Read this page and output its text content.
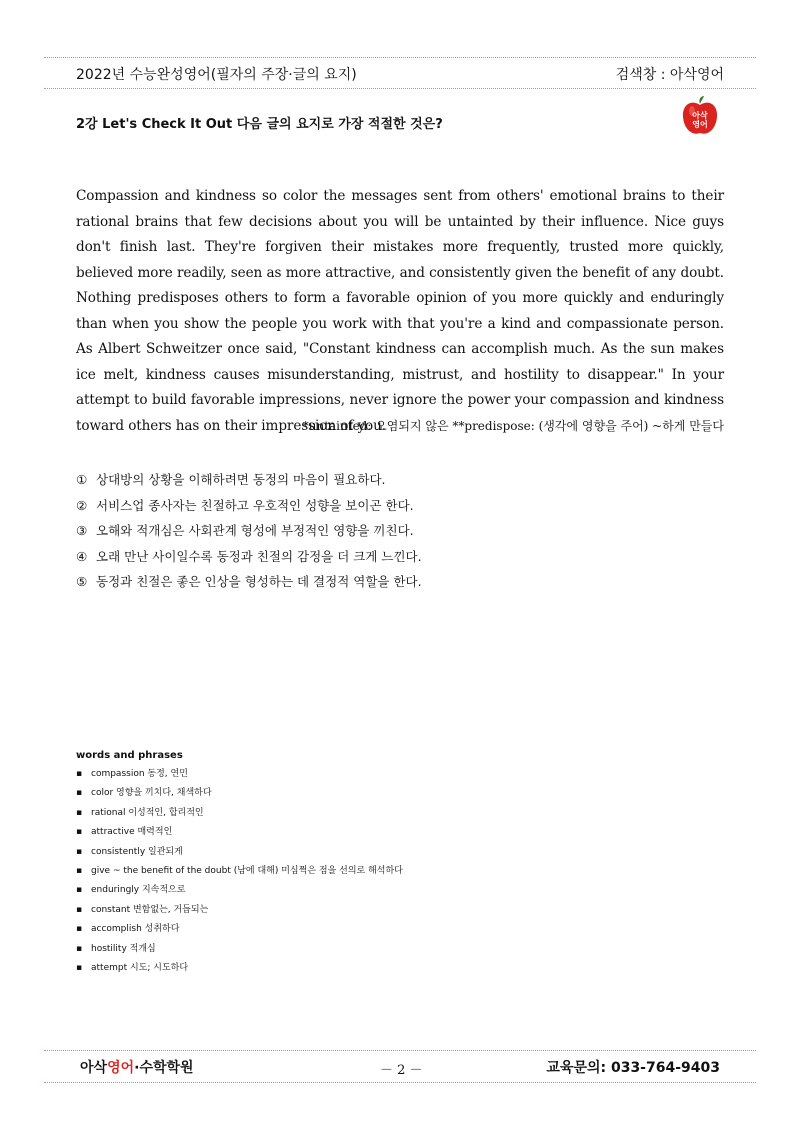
2022년 수능완성영어(필자의 주장·글의 요지)	검색창 : 아삭영어
2강 Let's Check It Out 다음 글의 요지로 가장 적절한 것은?
아삭
영어
Compassion and kindness so color the messages sent from others' emotional brains to their rational brains that few decisions about you will be untainted by their influence. Nice guys don't finish last. They're forgiven their mistakes more frequently, trusted more quickly, believed more readily, seen as more attractive, and consistently given the benefit of any doubt. Nothing predisposes others to form a favorable opinion of you more quickly and enduringly than when you show the people you work with that you're a kind and compassionate person. As Albert Schweitzer once said, "Constant kindness can accomplish much. As the sun makes ice melt, kindness causes misunderstanding, mistrust, and hostility to disappear." In your attempt to build favorable impressions, never ignore the power your compassion and kindness toward others has on their impression of you.
*untainted: 오염되지 않은 **predispose: (생각에 영향을 주어) ~하게 만들다
① 상대방의 상황을 이해하려면 동정의 마음이 필요하다.
② 서비스업 종사자는 친절하고 우호적인 성향을 보이곤 한다.
③ 오해와 적개심은 사회관계 형성에 부정적인 영향을 끼친다.
④ 오래 만난 사이일수록 동정과 친절의 감정을 더 크게 느낀다.
⑤ 동정과 친절은 좋은 인상을 형성하는 데 결정적 역할을 한다.
words and phrases
▪ compassion 동정, 연민
▪ color 영향을 끼치다, 채색하다
▪ rational 이성적인, 합리적인
▪ attractive 매력적인
▪ consistently 일관되게
▪ give ~ the benefit of the doubt (남에 대해) 미심쩍은 점을 선의로 해석하다
▪ enduringly 지속적으로
▪ constant 변함없는, 거듭되는
▪ accomplish 성취하다
▪ hostility 적개심
▪ attempt 시도; 시도하다
아삭영어·수학학원	－ 2 －	교육문의: 033-764-9403
